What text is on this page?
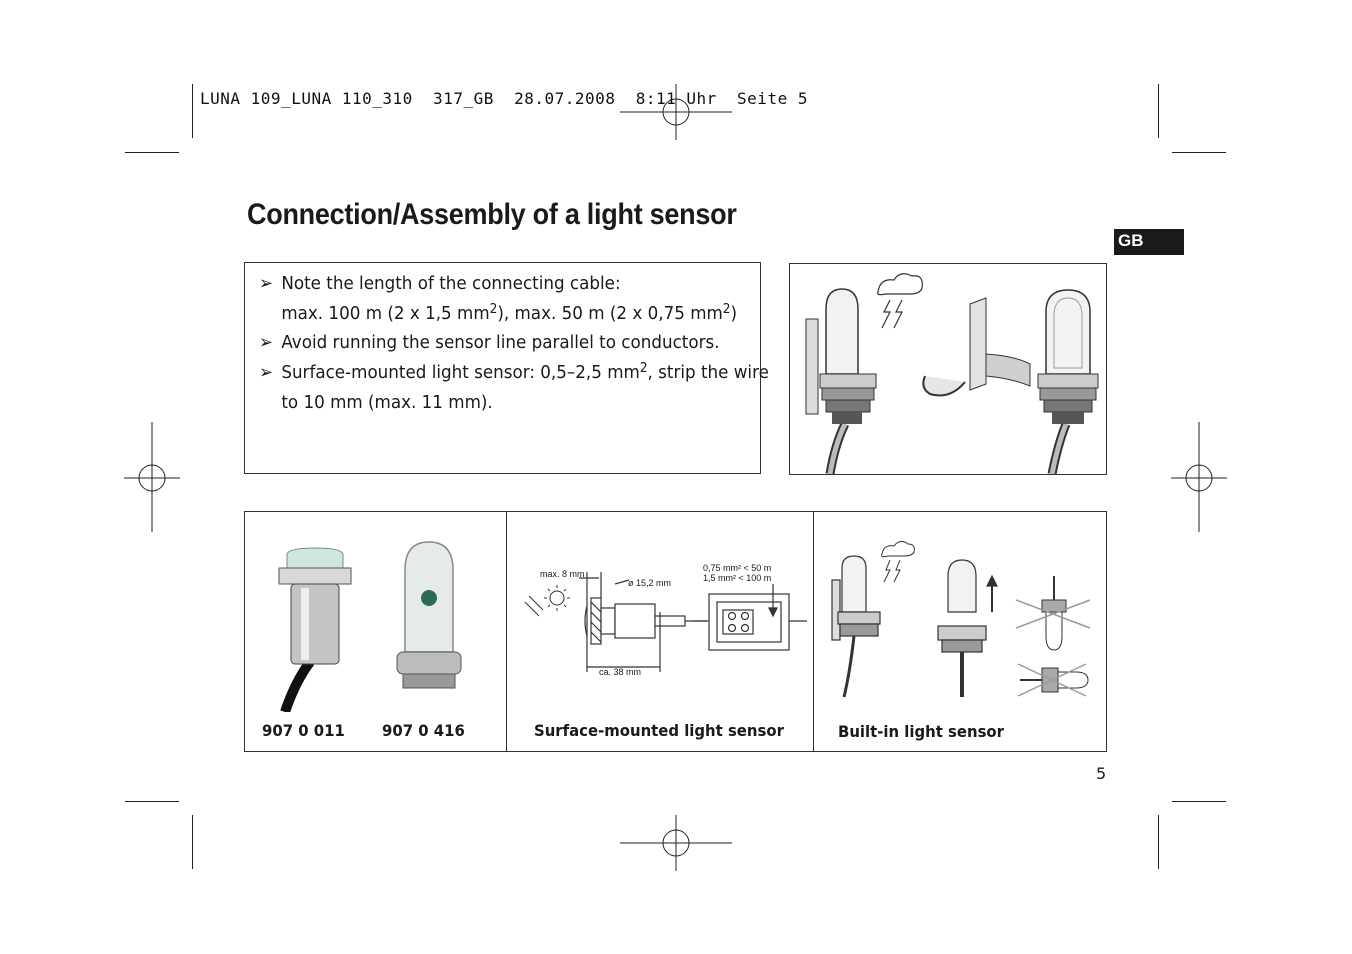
LUNA 109_LUNA 110_310  317_GB  28.07.2008  8:11 Uhr  Seite 5
Connection/Assembly of a light sensor
GB
➢ Note the length of the connecting cable:
max. 100 m (2 x 1,5 $mm^2$), max. 50 m (2 x 0,75 $mm^2$)
➢ Avoid running the sensor line parallel to conductors.
➢ Surface-mounted light sensor: 0,5–2,5 $mm^2$, strip the wire
to 10 mm (max. 11 mm).
907 0 011 907 0 416
max. 8 mm
ø 15,2 mm
ca. 38 mm
0,75 mm² < 50 m
1,5 mm² < 100 m
Surface-mounted light sensor	Built-in light sensor
5
